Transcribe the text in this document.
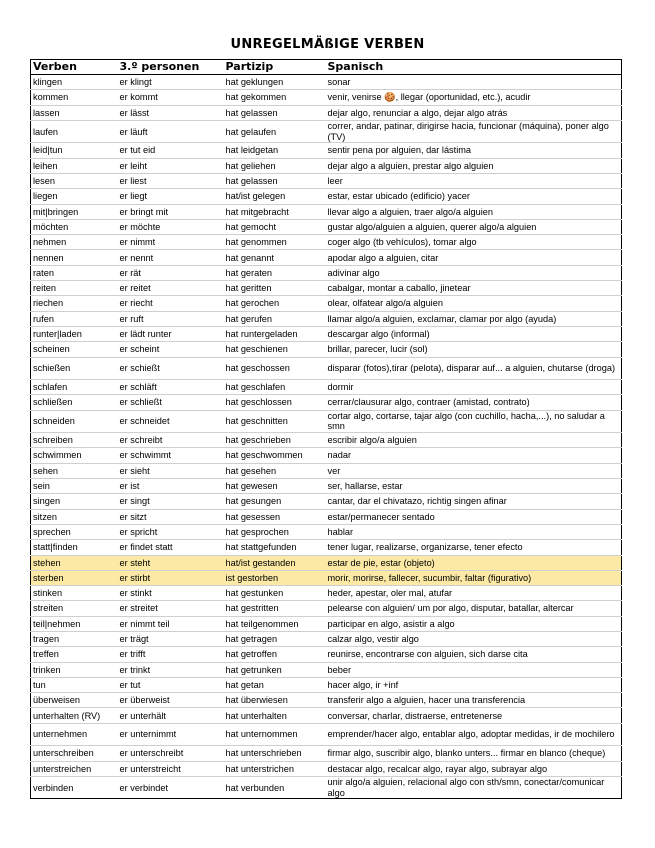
UNREGELMÄßIGE VERBEN
Verben	3.º personen	Partizip	Spanisch
klingen	er klingt	hat geklungen	sonar
kommen	er kommt	hat gekommen	venir, venirse 🍪, llegar (oportunidad, etc.), acudir
lassen	er lässt	hat gelassen	dejar algo, renunciar a algo, dejar algo atrás
laufen	er läuft	hat gelaufen	correr, andar, patinar, dirigirse hacia, funcionar (máquina), poner algo (TV)
leid|tun	er tut eid	hat leidgetan	sentir pena por alguien, dar lástima
leihen	er leiht	hat geliehen	dejar algo a alguien, prestar algo alguien
lesen	er liest	hat gelassen	leer
liegen	er liegt	hat/ist gelegen	estar, estar ubicado (edificio) yacer
mit|bringen	er bringt mit	hat mitgebracht	llevar algo a alguien, traer algo/a alguien
möchten	er möchte	hat gemocht	gustar algo/alguien a alguien, querer algo/a alguien
nehmen	er nimmt	hat genommen	coger algo (tb vehículos), tomar algo
nennen	er nennt	hat genannt	apodar algo a alguien, citar
raten	er rät	hat geraten	adivinar algo
reiten	er reitet	hat geritten	cabalgar, montar a caballo, jinetear
riechen	er riecht	hat gerochen	olear, olfatear algo/a alguien
rufen	er ruft	hat gerufen	llamar algo/a alguien, exclamar, clamar por algo (ayuda)
runter|laden	er lädt runter	hat runtergeladen	descargar algo (informal)
scheinen	er scheint	hat geschienen	brillar, parecer, lucir (sol)
schießen	er schießt	hat geschossen	disparar (fotos),tirar (pelota), disparar auf... a alguien, chutarse (droga)
schlafen	er schläft	hat geschlafen	dormir
schließen	er schließt	hat geschlossen	cerrar/clausurar algo, contraer (amistad, contrato)
schneiden	er schneidet	hat geschnitten	cortar algo, cortarse, tajar algo (con cuchillo, hacha,...), no saludar a smn
schreiben	er schreibt	hat geschrieben	escribir algo/a alguien
schwimmen	er schwimmt	hat geschwommen	nadar
sehen	er sieht	hat gesehen	ver
sein	er ist	hat gewesen	ser, hallarse, estar
singen	er singt	hat gesungen	cantar, dar el chivatazo, richtig singen afinar
sitzen	er sitzt	hat gesessen	estar/permanecer sentado
sprechen	er spricht	hat gesprochen	hablar
statt|finden	er findet statt	hat stattgefunden	tener lugar, realizarse, organizarse, tener efecto
stehen	er steht	hat/ist gestanden	estar de pie, estar (objeto)
sterben	er stirbt	ist gestorben	morir, morirse, fallecer, sucumbir, faltar (figurativo)
stinken	er stinkt	hat gestunken	heder, apestar, oler mal, atufar
streiten	er streitet	hat gestritten	pelearse con alguien/ um por algo, disputar, batallar, altercar
teil|nehmen	er nimmt teil	hat teilgenommen	participar en algo, asistir a algo
tragen	er trägt	hat getragen	calzar algo, vestir algo
treffen	er trifft	hat getroffen	reunirse, encontrarse con alguien, sich darse cita
trinken	er trinkt	hat getrunken	beber
tun	er tut	hat getan	hacer algo, ir +inf
überweisen	er überweist	hat überwiesen	transferir algo a alguien, hacer una transferencia
unterhalten (RV)	er unterhält	hat unterhalten	conversar, charlar, distraerse, entretenerse
unternehmen	er unternimmt	hat unternommen	emprender/hacer algo, entablar algo, adoptar medidas, ir de mochilero
unterschreiben	er unterschreibt	hat unterschrieben	firmar algo, suscribir algo, blanko unters... firmar en blanco (cheque)
unterstreichen	er unterstreicht	hat unterstrichen	destacar algo, recalcar algo, rayar algo, subrayar algo
verbinden	er verbindet	hat verbunden	unir algo/a alguien, relacional algo con sth/smn, conectar/comunicar algo
